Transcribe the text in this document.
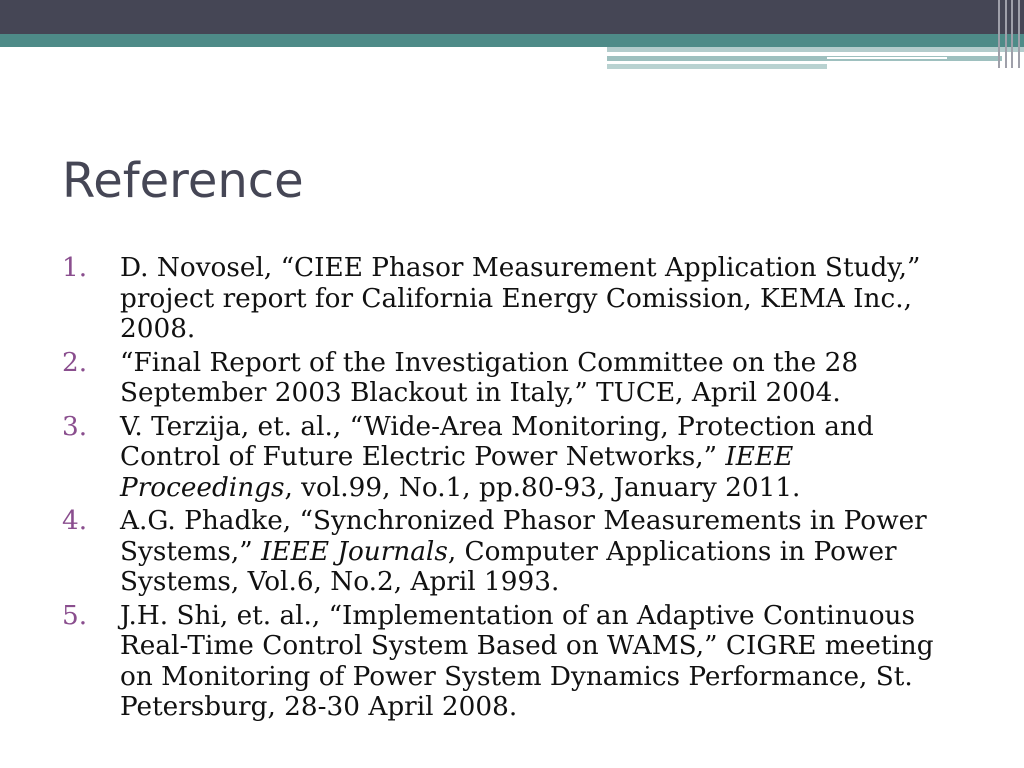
Reference
1. D. Novosel, “CIEE Phasor Measurement Application Study,” project report for California Energy Comission, KEMA Inc., 2008.
2. “Final Report of the Investigation Committee on the 28 September 2003 Blackout in Italy,” TUCE, April 2004.
3. V. Terzija, et. al., “Wide-Area Monitoring, Protection and Control of Future Electric Power Networks,” IEEE Proceedings, vol.99, No.1, pp.80-93, January 2011.
4. A.G. Phadke, “Synchronized Phasor Measurements in Power Systems,” IEEE Journals, Computer Applications in Power Systems, Vol.6, No.2, April 1993.
5. J.H. Shi, et. al., “Implementation of an Adaptive Continuous Real-Time Control System Based on WAMS,” CIGRE meeting on Monitoring of Power System Dynamics Performance, St. Petersburg, 28-30 April 2008.
